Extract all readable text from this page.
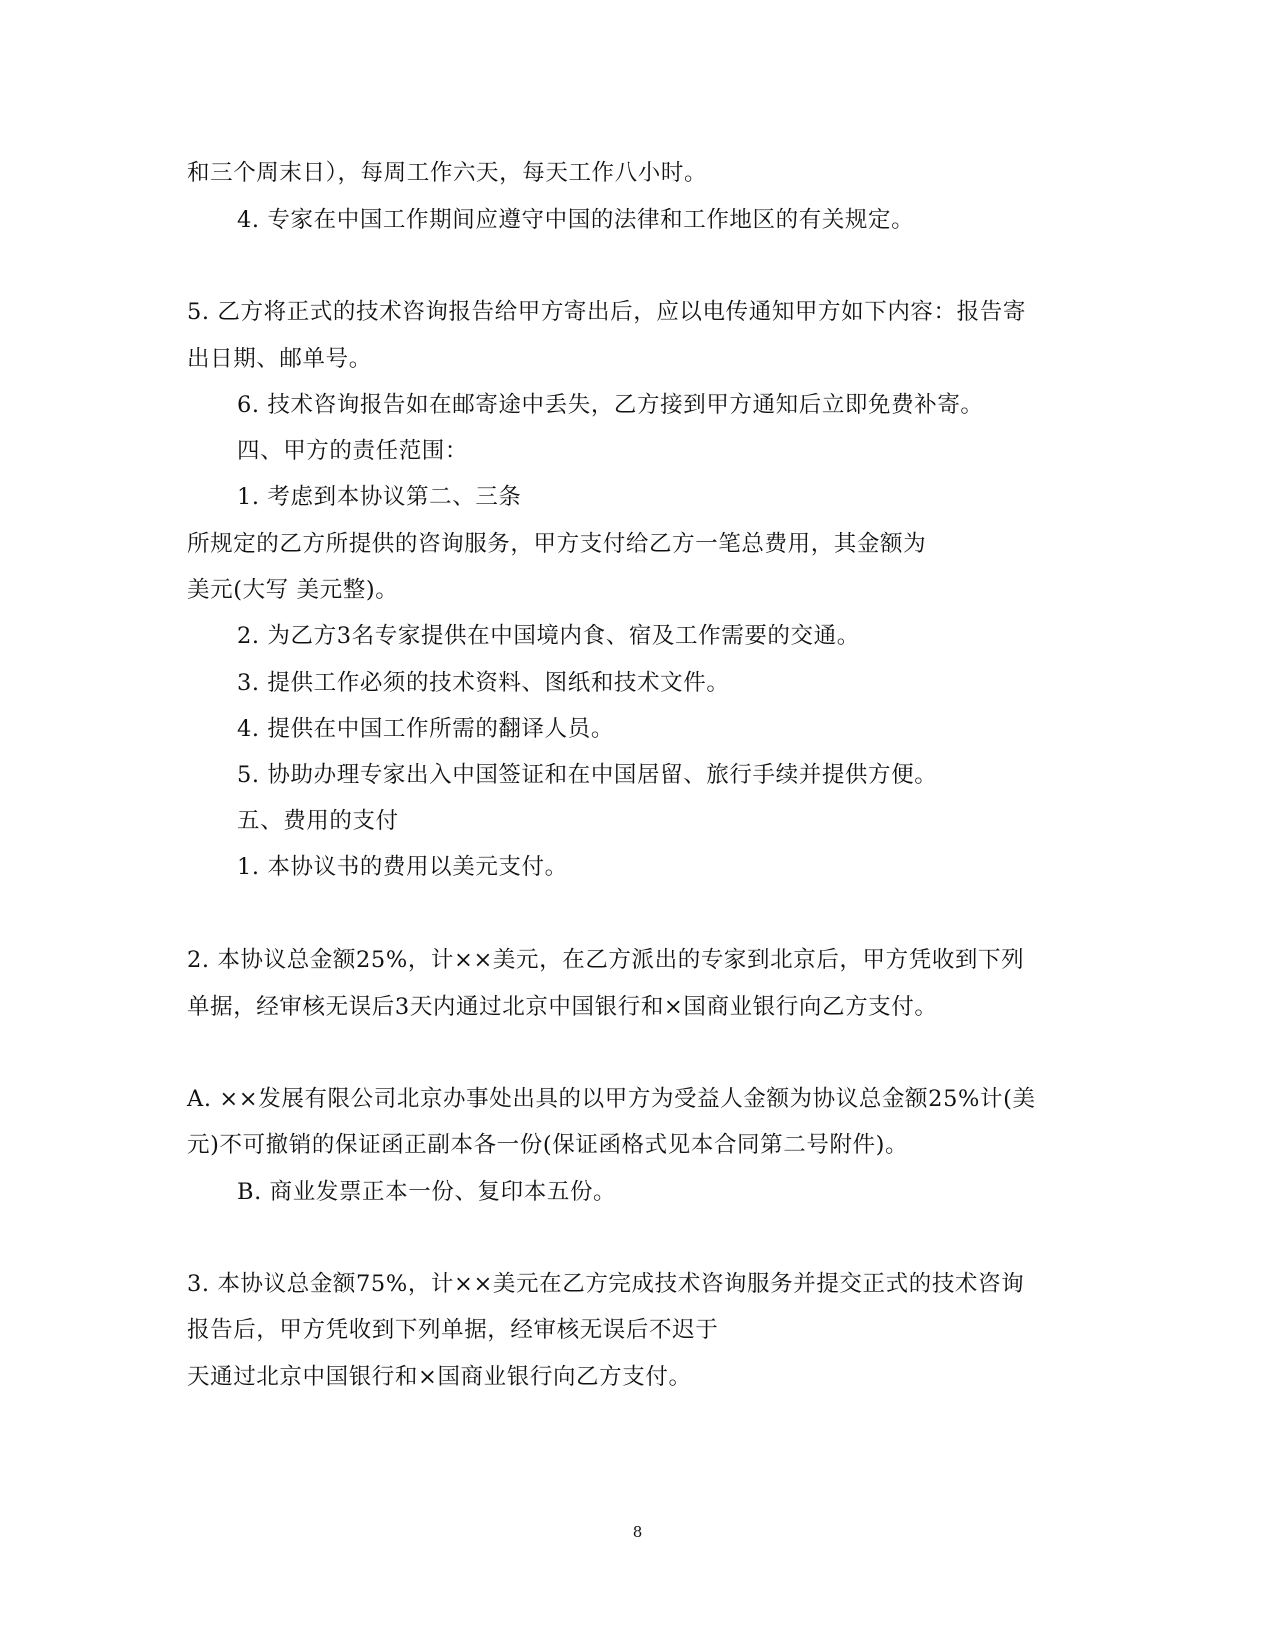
和三个周末日），每周工作六天，每天工作八小时。
4. 专家在中国工作期间应遵守中国的法律和工作地区的有关规定。
5. 乙方将正式的技术咨询报告给甲方寄出后，应以电传通知甲方如下内容：报告寄
出日期、邮单号。
6. 技术咨询报告如在邮寄途中丢失，乙方接到甲方通知后立即免费补寄。
四、甲方的责任范围：
1. 考虑到本协议第二、三条
所规定的乙方所提供的咨询服务，甲方支付给乙方一笔总费用，其金额为
美元(大写 美元整)。
2. 为乙方3名专家提供在中国境内食、宿及工作需要的交通。
3. 提供工作必须的技术资料、图纸和技术文件。
4. 提供在中国工作所需的翻译人员。
5. 协助办理专家出入中国签证和在中国居留、旅行手续并提供方便。
五、费用的支付
1. 本协议书的费用以美元支付。
2. 本协议总金额25%，计××美元，在乙方派出的专家到北京后，甲方凭收到下列
单据，经审核无误后3天内通过北京中国银行和×国商业银行向乙方支付。
A. ××发展有限公司北京办事处出具的以甲方为受益人金额为协议总金额25%计(美
元)不可撤销的保证函正副本各一份(保证函格式见本合同第二号附件)。
B. 商业发票正本一份、复印本五份。
3. 本协议总金额75%，计××美元在乙方完成技术咨询服务并提交正式的技术咨询
报告后，甲方凭收到下列单据，经审核无误后不迟于
天通过北京中国银行和×国商业银行向乙方支付。
8
